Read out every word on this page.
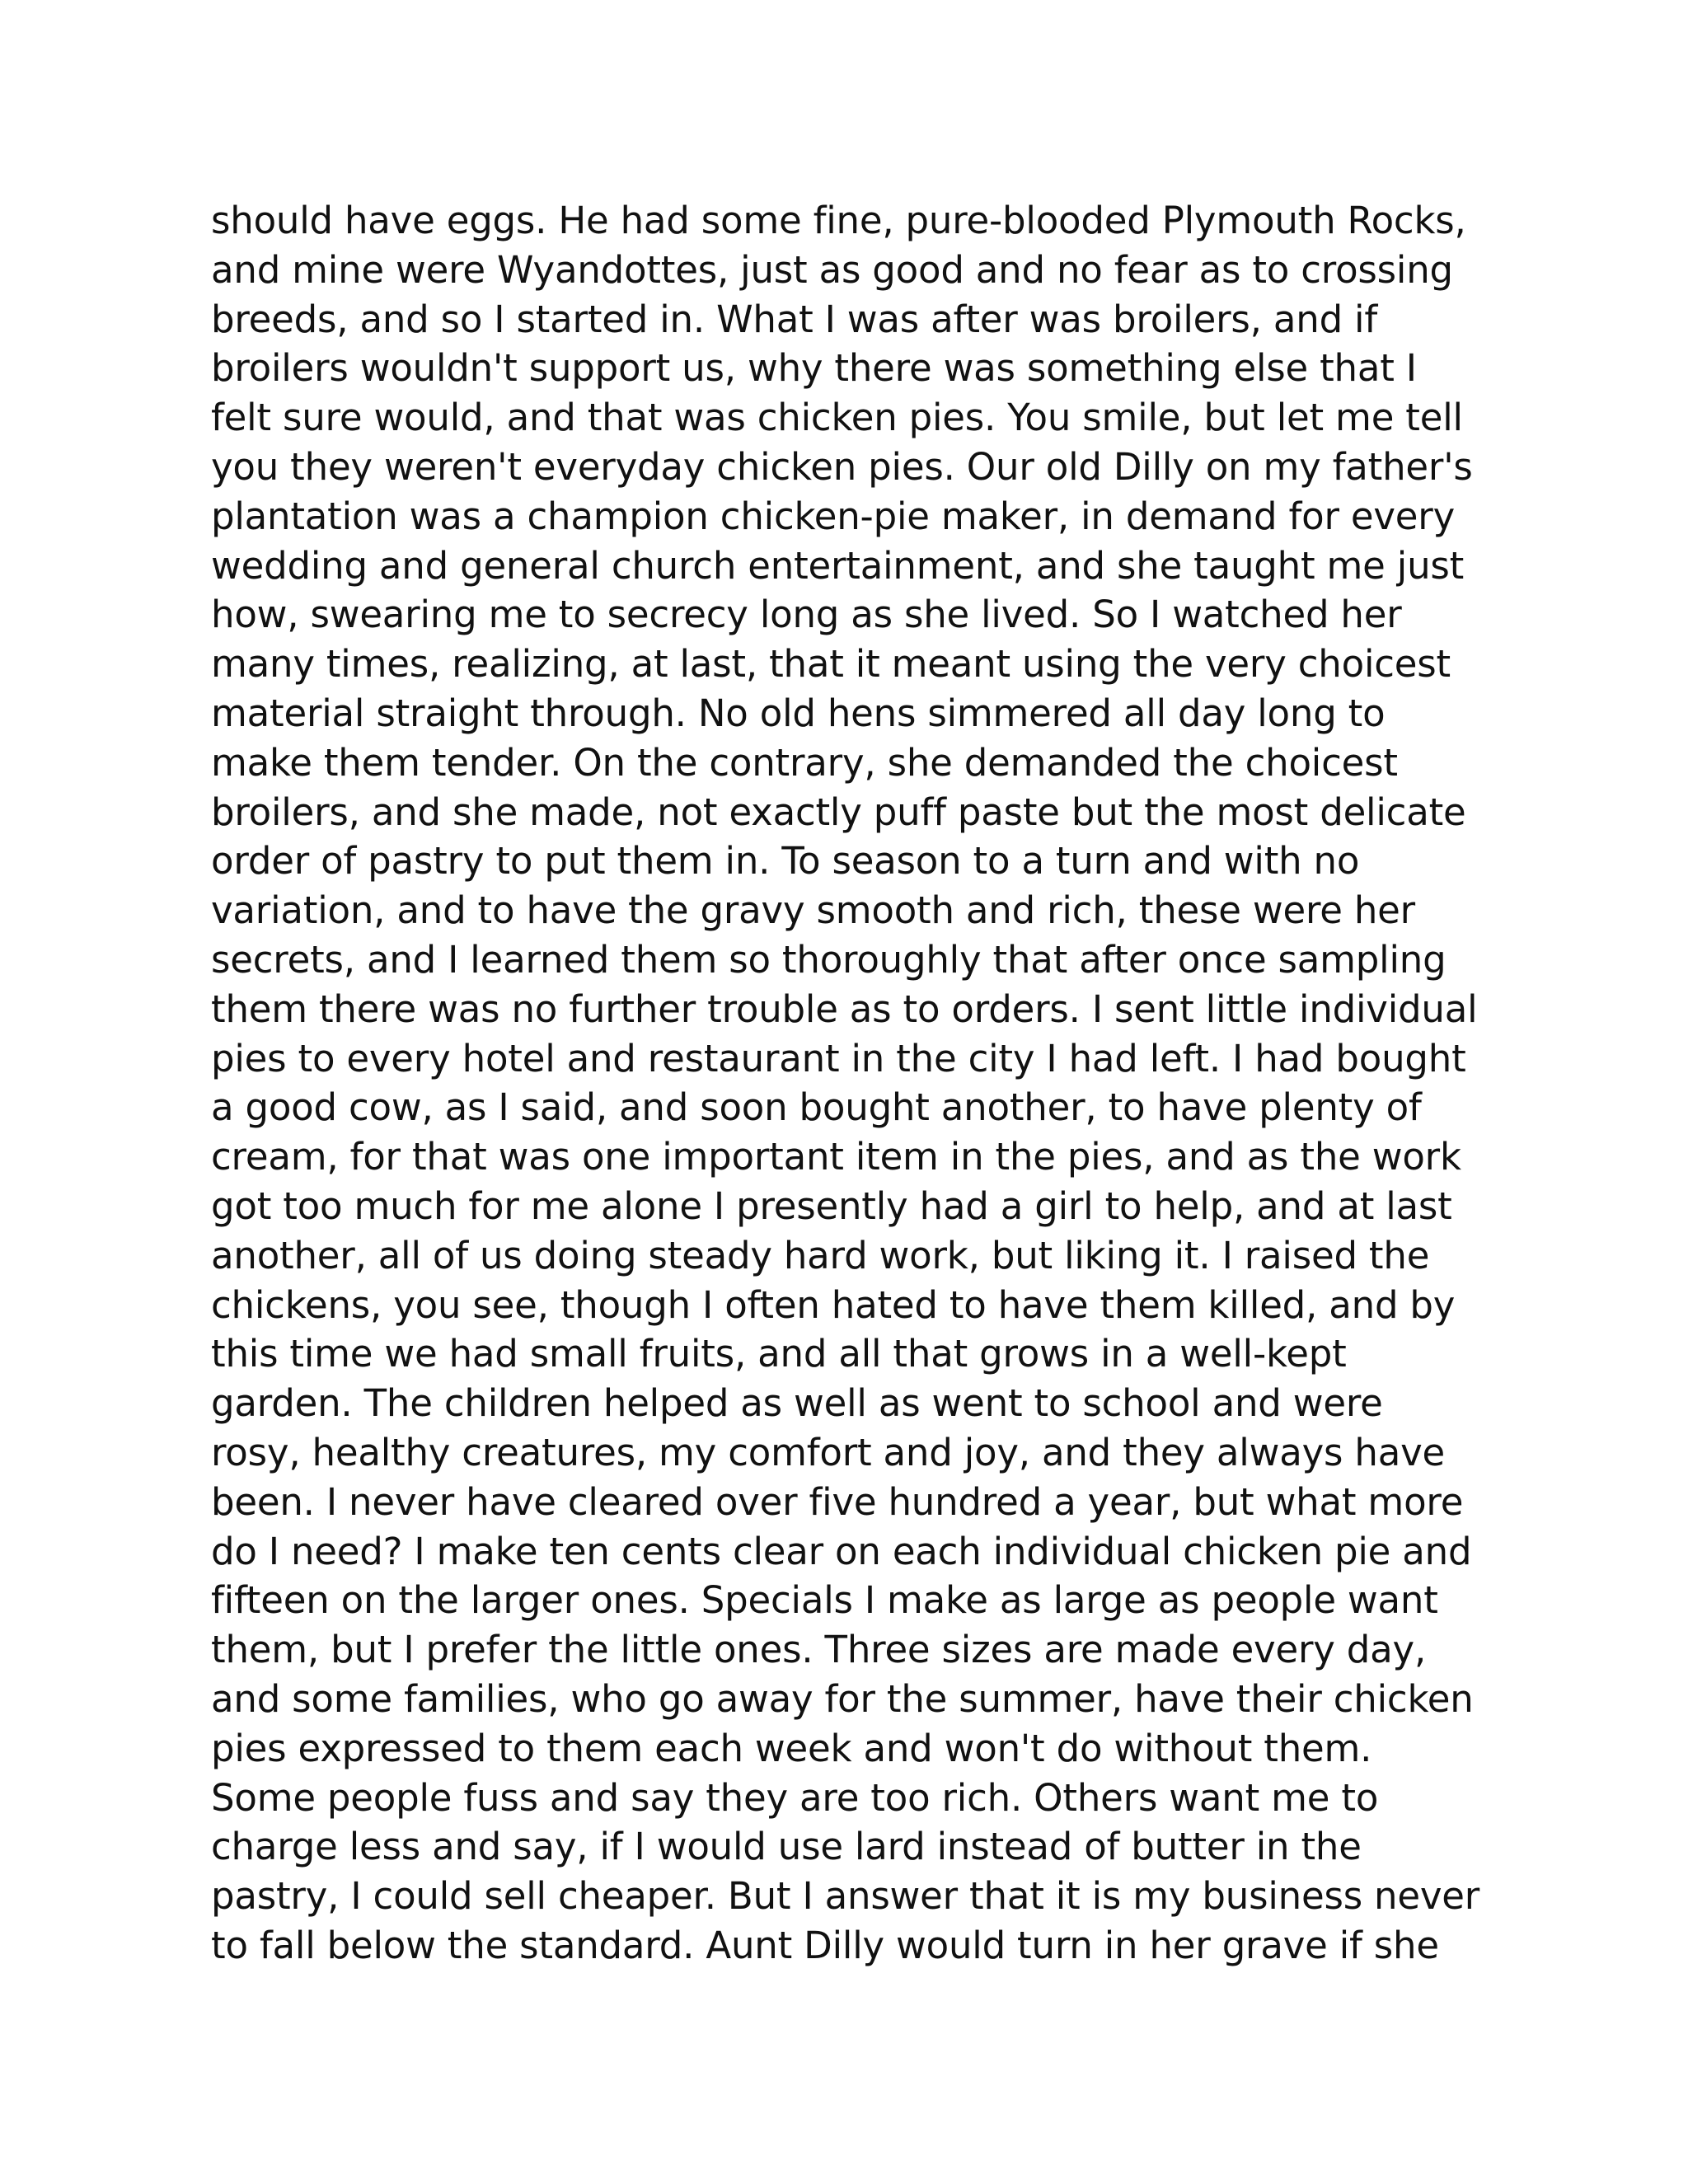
should have eggs. He had some fine, pure-blooded Plymouth Rocks,
and mine were Wyandottes, just as good and no fear as to crossing
breeds, and so I started in. What I was after was broilers, and if
broilers wouldn't support us, why there was something else that I
felt sure would, and that was chicken pies. You smile, but let me tell
you they weren't everyday chicken pies. Our old Dilly on my father's
plantation was a champion chicken-pie maker, in demand for every
wedding and general church entertainment, and she taught me just
how, swearing me to secrecy long as she lived. So I watched her
many times, realizing, at last, that it meant using the very choicest
material straight through. No old hens simmered all day long to
make them tender. On the contrary, she demanded the choicest
broilers, and she made, not exactly puff paste but the most delicate
order of pastry to put them in. To season to a turn and with no
variation, and to have the gravy smooth and rich, these were her
secrets, and I learned them so thoroughly that after once sampling
them there was no further trouble as to orders. I sent little individual
pies to every hotel and restaurant in the city I had left. I had bought
a good cow, as I said, and soon bought another, to have plenty of
cream, for that was one important item in the pies, and as the work
got too much for me alone I presently had a girl to help, and at last
another, all of us doing steady hard work, but liking it. I raised the
chickens, you see, though I often hated to have them killed, and by
this time we had small fruits, and all that grows in a well-kept
garden. The children helped as well as went to school and were
rosy, healthy creatures, my comfort and joy, and they always have
been. I never have cleared over five hundred a year, but what more
do I need? I make ten cents clear on each individual chicken pie and
fifteen on the larger ones. Specials I make as large as people want
them, but I prefer the little ones. Three sizes are made every day,
and some families, who go away for the summer, have their chicken
pies expressed to them each week and won't do without them.
Some people fuss and say they are too rich. Others want me to
charge less and say, if I would use lard instead of butter in the
pastry, I could sell cheaper. But I answer that it is my business never
to fall below the standard. Aunt Dilly would turn in her grave if she
